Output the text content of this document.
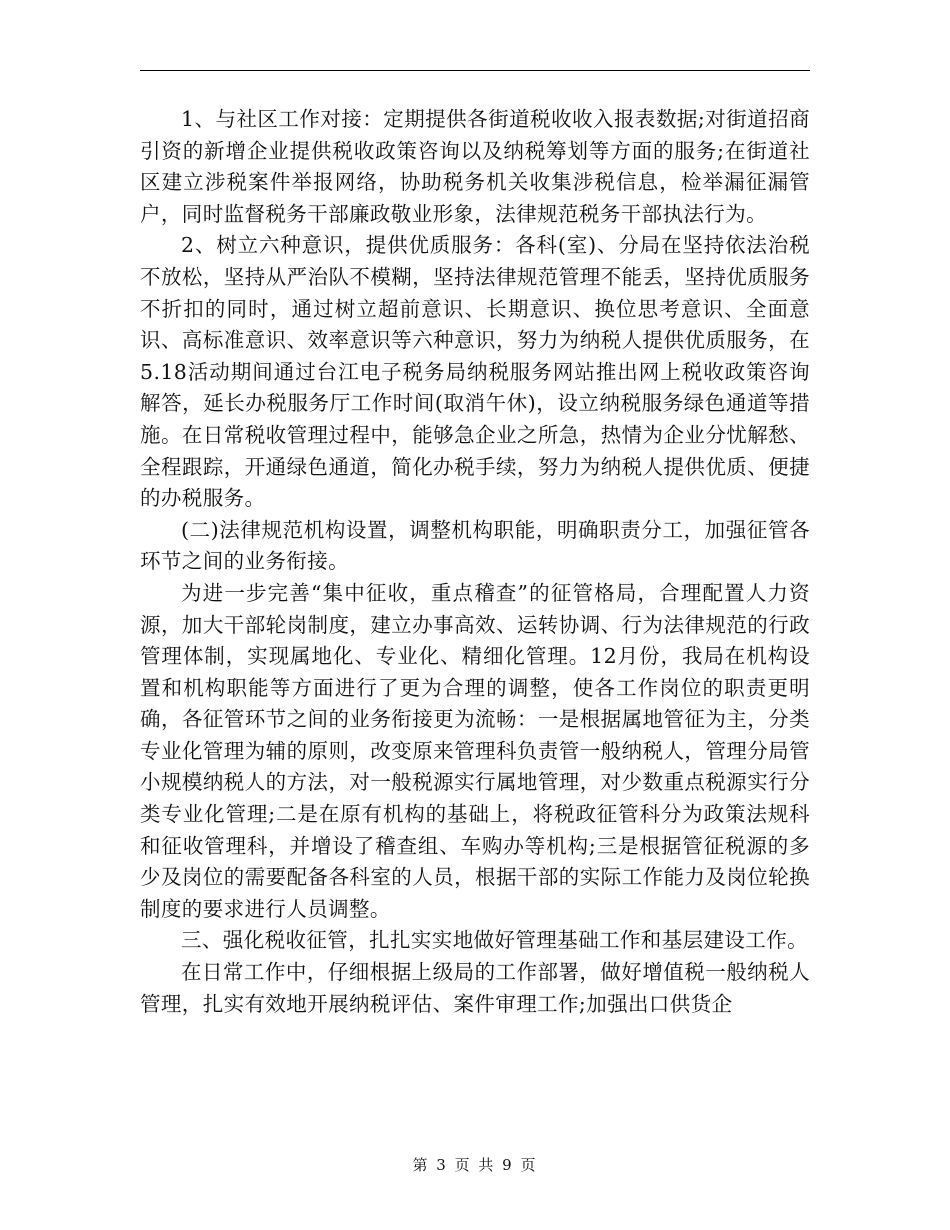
1、与社区工作对接：定期提供各街道税收收入报表数据;对街道招商引资的新增企业提供税收政策咨询以及纳税筹划等方面的服务;在街道社区建立涉税案件举报网络，协助税务机关收集涉税信息，检举漏征漏管户，同时监督税务干部廉政敬业形象，法律规范税务干部执法行为。

2、树立六种意识，提供优质服务：各科(室)、分局在坚持依法治税不放松，坚持从严治队不模糊，坚持法律规范管理不能丢，坚持优质服务不折扣的同时，通过树立超前意识、长期意识、换位思考意识、全面意识、高标准意识、效率意识等六种意识，努力为纳税人提供优质服务，在5.18活动期间通过台江电子税务局纳税服务网站推出网上税收政策咨询解答，延长办税服务厅工作时间(取消午休)，设立纳税服务绿色通道等措施。在日常税收管理过程中，能够急企业之所急，热情为企业分忧解愁、全程跟踪，开通绿色通道，简化办税手续，努力为纳税人提供优质、便捷的办税服务。

(二)法律规范机构设置，调整机构职能，明确职责分工，加强征管各环节之间的业务衔接。

为进一步完善“集中征收，重点稽查”的征管格局，合理配置人力资源，加大干部轮岗制度，建立办事高效、运转协调、行为法律规范的行政管理体制，实现属地化、专业化、精细化管理。12月份，我局在机构设置和机构职能等方面进行了更为合理的调整，使各工作岗位的职责更明确，各征管环节之间的业务衔接更为流畅：一是根据属地管征为主，分类专业化管理为辅的原则，改变原来管理科负责管一般纳税人，管理分局管小规模纳税人的方法，对一般税源实行属地管理，对少数重点税源实行分类专业化管理;二是在原有机构的基础上，将税政征管科分为政策法规科和征收管理科，并增设了稽查组、车购办等机构;三是根据管征税源的多少及岗位的需要配备各科室的人员，根据干部的实际工作能力及岗位轮换制度的要求进行人员调整。

三、强化税收征管，扎扎实实地做好管理基础工作和基层建设工作。

在日常工作中，仔细根据上级局的工作部署，做好增值税一般纳税人管理，扎实有效地开展纳税评估、案件审理工作;加强出口供货企

第 3 页 共 9 页
